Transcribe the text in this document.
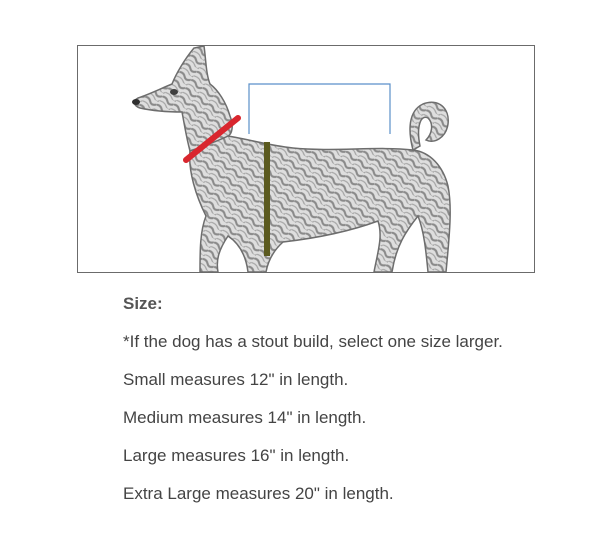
Size:
*If the dog has a stout build, select one size larger.
Small measures 12" in length.
Medium measures 14" in length.
Large measures 16" in length.
Extra Large measures 20" in length.
